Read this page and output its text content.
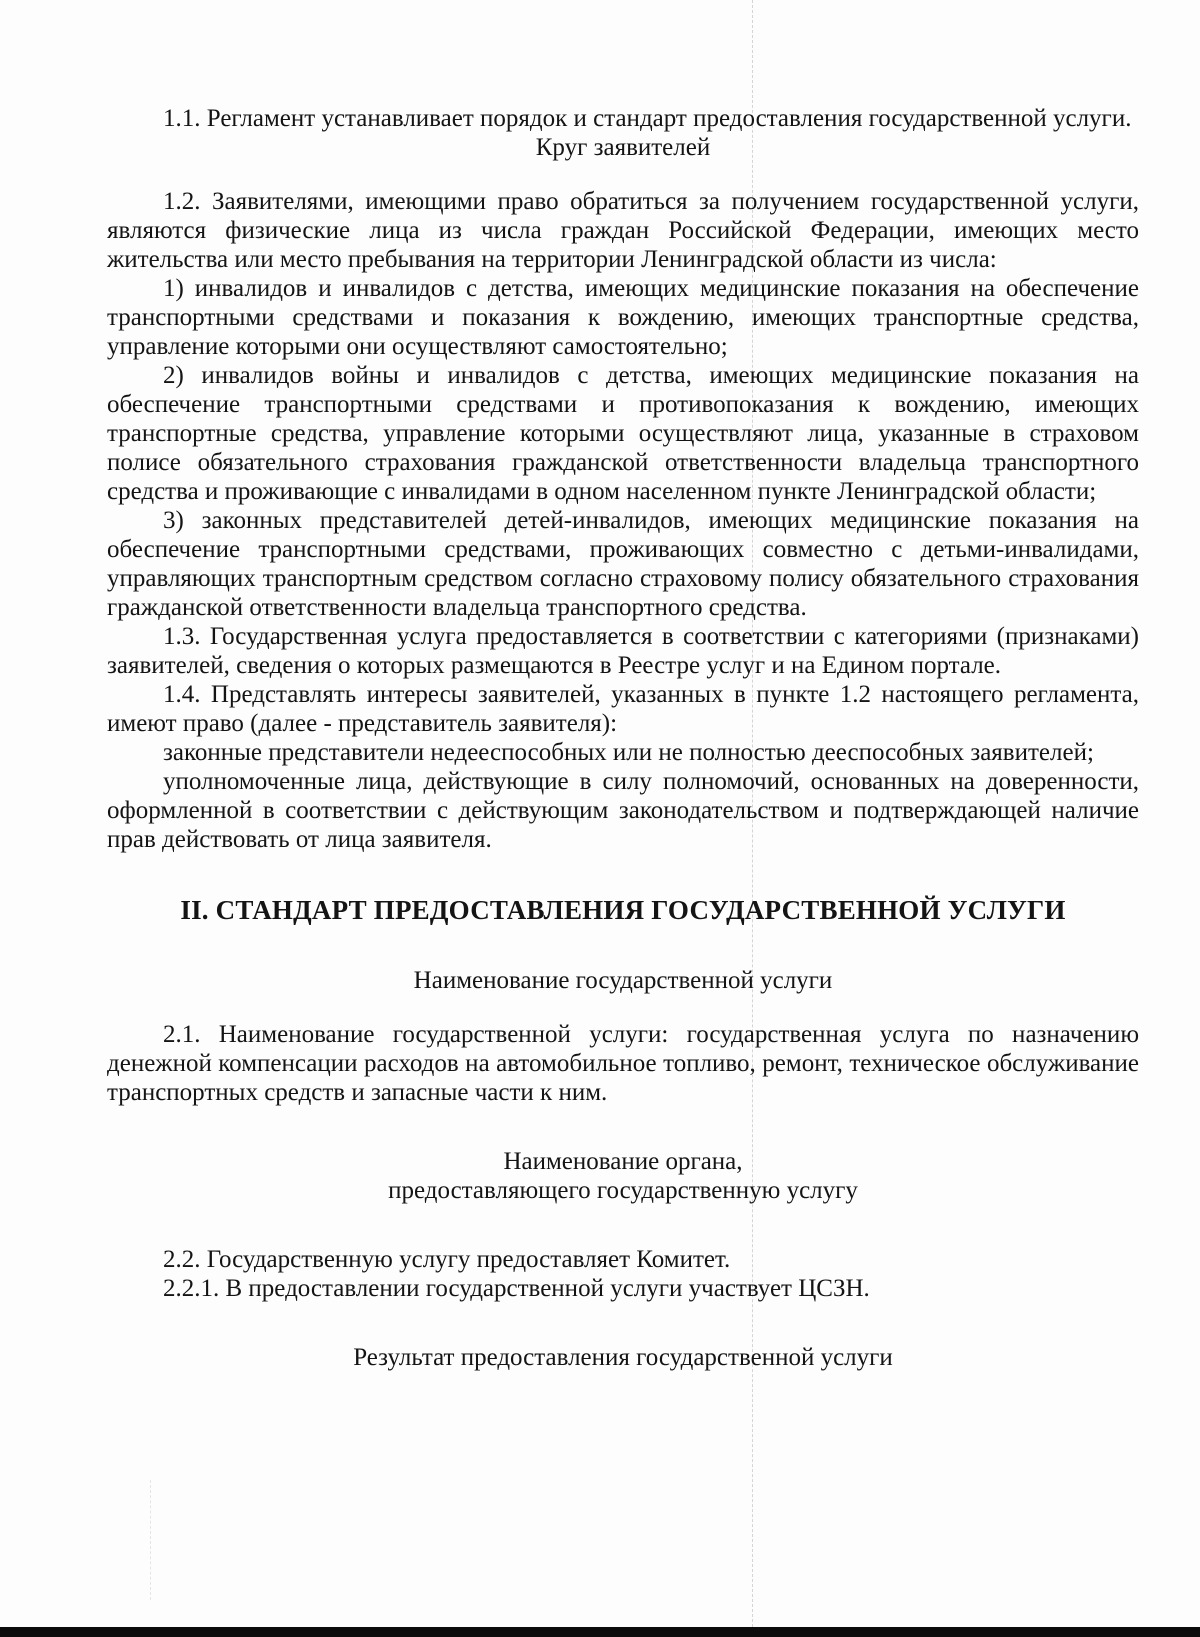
1.1. Регламент устанавливает порядок и стандарт предоставления государственной услуги.

Круг заявителей

1.2. Заявителями, имеющими право обратиться за получением государственной услуги, являются физические лица из числа граждан Российской Федерации, имеющих место жительства или место пребывания на территории Ленинградской области из числа:

1) инвалидов и инвалидов с детства, имеющих медицинские показания на обеспечение транспортными средствами и показания к вождению, имеющих транспортные средства, управление которыми они осуществляют самостоятельно;

2) инвалидов войны и инвалидов с детства, имеющих медицинские показания на обеспечение транспортными средствами и противопоказания к вождению, имеющих транспортные средства, управление которыми осуществляют лица, указанные в страховом полисе обязательного страхования гражданской ответственности владельца транспортного средства и проживающие с инвалидами в одном населенном пункте Ленинградской области;

3) законных представителей детей-инвалидов, имеющих медицинские показания на обеспечение транспортными средствами, проживающих совместно с детьми-инвалидами, управляющих транспортным средством согласно страховому полису обязательного страхования гражданской ответственности владельца транспортного средства.

1.3. Государственная услуга предоставляется в соответствии с категориями (признаками) заявителей, сведения о которых размещаются в Реестре услуг и на Едином портале.

1.4. Представлять интересы заявителей, указанных в пункте 1.2 настоящего регламента, имеют право (далее - представитель заявителя):

законные представители недееспособных или не полностью дееспособных заявителей;

уполномоченные лица, действующие в силу полномочий, основанных на доверенности, оформленной в соответствии с действующим законодательством и подтверждающей наличие прав действовать от лица заявителя.

II. СТАНДАРТ ПРЕДОСТАВЛЕНИЯ ГОСУДАРСТВЕННОЙ УСЛУГИ

Наименование государственной услуги

2.1. Наименование государственной услуги: государственная услуга по назначению денежной компенсации расходов на автомобильное топливо, ремонт, техническое обслуживание транспортных средств и запасные части к ним.

Наименование органа,

предоставляющего государственную услугу

2.2. Государственную услугу предоставляет Комитет.

2.2.1. В предоставлении государственной услуги участвует ЦСЗН.

Результат предоставления государственной услуги
